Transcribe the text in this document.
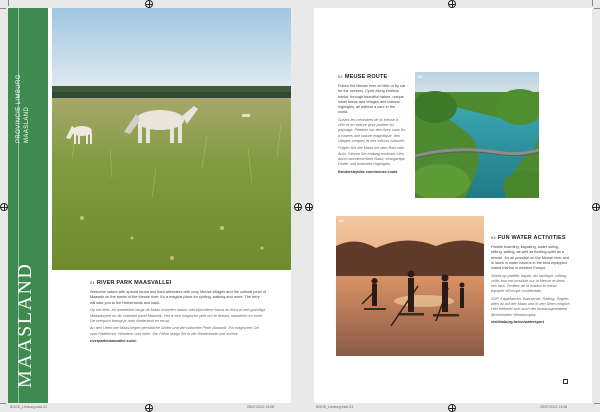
PROVINCIE LIMBURG MAASLAND
MAASLAND	01 RIVER PARK MAASVALLEI

Welcome nature with special fauna and flora alternates with cosy Meuse villages and the cultural pearl of Maaseik on the banks of the Meuse river. It's a magical place for cycling, walking and more. The ferry will take you to the Netherlands and back.

Op het fiets- en wandelnet langs de Maas wisselen natuur met bijzondere fauna en flora af met gezellige Maasdorpen en de culturele parel Maaseik. Het is een magische plek om te fietsen, wandelen en meer. De veerpont brengt je naar Nederland en terug.

An den Ufern der Maas liegen gemütliche Dörfer und die kulturelle Perle Maaseik. Ein magischer Ort zum Radfahren, Wandern und mehr. Die Fähre bringt Sie in die Niederlande und zurück.

riverparkmaasvallei.eu/en

02 MEUSE ROUTE

Follow the Meuse river on bike or by car for the scenery. Cycle along endless banks, through beautiful nature, unique small towns and villages and cultural highlights, all without a care in the world.

Suivez les méandres de la Meuse à vélo et en voiture pour profiter du paysage. Pédalez sur des rives sans fin, à travers une nature magnifique, des villages uniques et des trésors culturels.

Folgen Sie der Maas mit dem Rad oder Auto. Fahren Sie entlang endloser Ufer, durch wunderschöne Natur, einzigartige Dörfer und kulturelle Highlights.

flandersbybike.com/meuse-route

02
03
03 FUN WATER ACTIVITIES

Paddle boarding, kayaking, water skiing, rafting, sailing, as well as floating quiet as a mouse. It's all possible on the Meuse river and in lakes in water havens in the best equipped inland marina in western Europe.

Stand-up paddle, kayak, ski nautique, rafting, voile, tout est possible sur la Meuse et dans ses lacs. Profitez de la marina la mieux équipée d'Europe occidentale.

SUP, Kajakfahren, Wasserski, Rafting, Segeln, alles ist auf der Maas und in den Seen möglich. Hier befindet sich auch der bestausgestattete Binnenhafen Westeuropas.

visitlimburg.be/en/watersport

BOOK_Limburg.indd 22	28/07/2022 13:08	BOOK_Limburg.indd 23	28/07/2022 13:08
